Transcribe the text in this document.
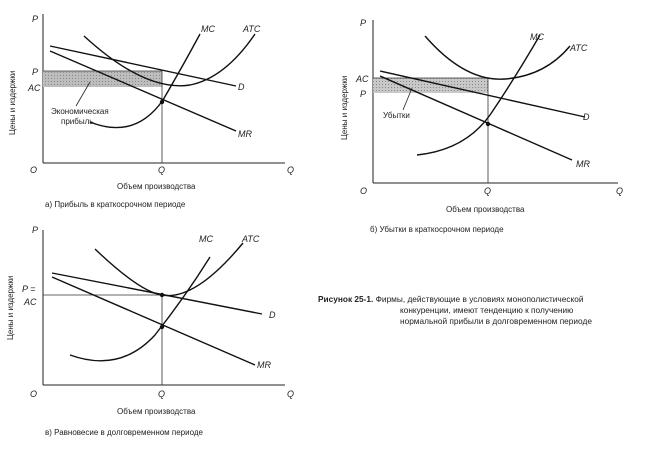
P
P
AC
O	Q	Q
MC	ATC
D
MR
Экономическая
прибыль
Цены и издержки
Объем производства
а) Прибыль в краткосрочном периоде
P
AC
P
O	Q	Q
MC
ATC
D
MR
Убытки
Цены и издержки
Объем производства
б) Убытки в краткосрочном периоде
P
P =
AC
O	Q	Q
MC	ATC
D
MR
Цены и издержки
Объем производства
в) Равновесие в долговременном периоде
Рисунок 25-1. Фирмы, действующие в условиях монополистической
конкуренции, имеют тенденцию к получению
нормальной прибыли в долговременном периоде
